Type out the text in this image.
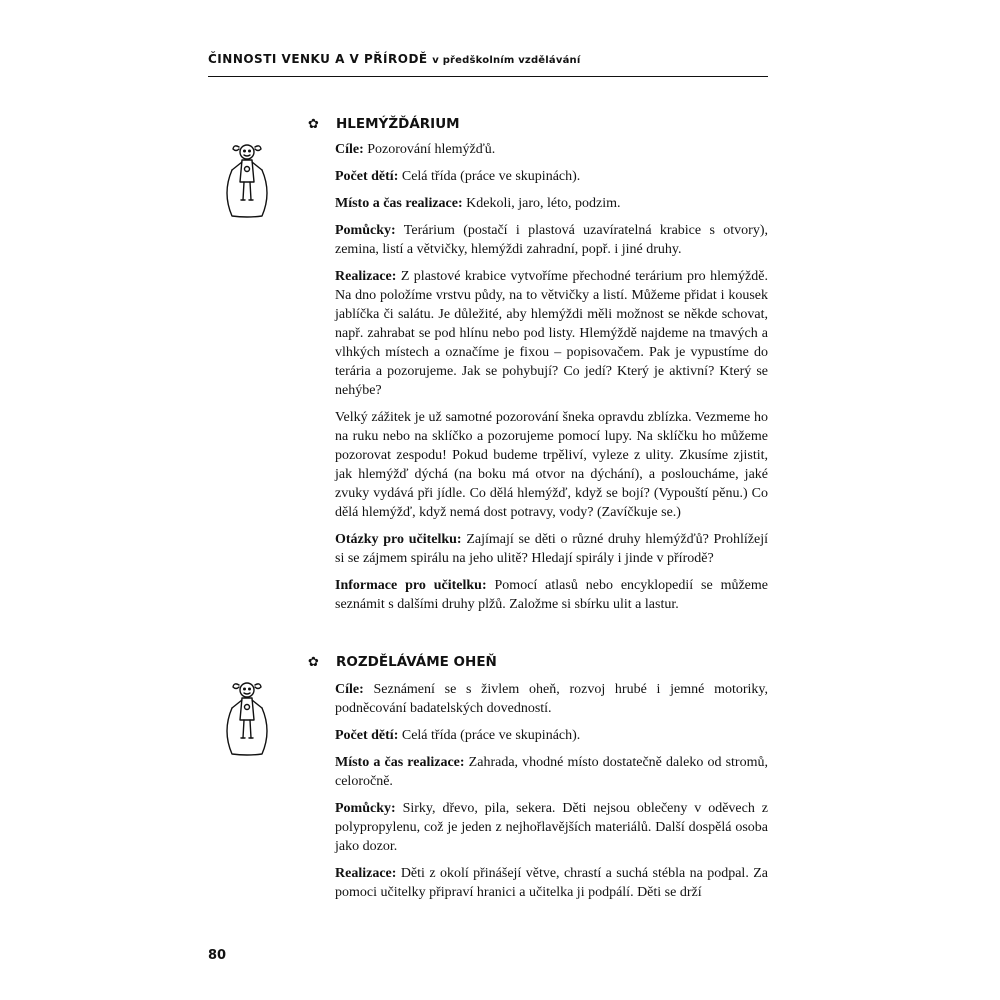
ČINNOSTI VENKU A V PŘÍRODĚ v předškolním vzdělávání
✿ HLEMÝŽĎÁRIUM

Cíle: Pozorování hlemýžďů.

Počet dětí: Celá třída (práce ve skupinách).

Místo a čas realizace: Kdekoli, jaro, léto, podzim.

Pomůcky: Terárium (postačí i plastová uzavíratelná krabice s otvory), zemina, listí a větvičky, hlemýždi zahradní, popř. i jiné druhy.

Realizace: Z plastové krabice vytvoříme přechodné terárium pro hlemýždě. Na dno položíme vrstvu půdy, na to větvičky a listí. Můžeme přidat i kousek jablíčka či salátu. Je důležité, aby hlemýždi měli možnost se někde schovat, např. zahrabat se pod hlínu nebo pod listy. Hlemýždě najdeme na tmavých a vlhkých místech a označíme je fixou – popisovačem. Pak je vypustíme do terária a pozorujeme. Jak se pohybují? Co jedí? Který je aktivní? Který se nehýbe?

Velký zážitek je už samotné pozorování šneka opravdu zblízka. Vezmeme ho na ruku nebo na sklíčko a pozorujeme pomocí lupy. Na sklíčku ho můžeme pozorovat zespodu! Pokud budeme trpěliví, vyleze z ulity. Zkusíme zjistit, jak hlemýžď dýchá (na boku má otvor na dýchání), a posloucháme, jaké zvuky vydává při jídle. Co dělá hlemýžď, když se bojí? (Vypouští pěnu.) Co dělá hlemýžď, když nemá dost potravy, vody? (Zavíčkuje se.)

Otázky pro učitelku: Zajímají se děti o různé druhy hlemýžďů? Prohlížejí si se zájmem spirálu na jeho ulitě? Hledají spirály i jinde v přírodě?

Informace pro učitelku: Pomocí atlasů nebo encyklopedií se můžeme seznámit s dalšími druhy plžů. Založme si sbírku ulit a lastur.

✿ ROZDĚLÁVÁME OHEŇ

Cíle: Seznámení se s živlem oheň, rozvoj hrubé i jemné motoriky, podněcování badatelských dovedností.

Počet dětí: Celá třída (práce ve skupinách).

Místo a čas realizace: Zahrada, vhodné místo dostatečně daleko od stromů, celoročně.

Pomůcky: Sirky, dřevo, pila, sekera. Děti nejsou oblečeny v oděvech z polypropylenu, což je jeden z nejhořlavějších materiálů. Další dospělá osoba jako dozor.

Realizace: Děti z okolí přinášejí větve, chrastí a suchá stébla na podpal. Za pomoci učitelky připraví hranici a učitelka ji podpálí. Děti se drží

80
